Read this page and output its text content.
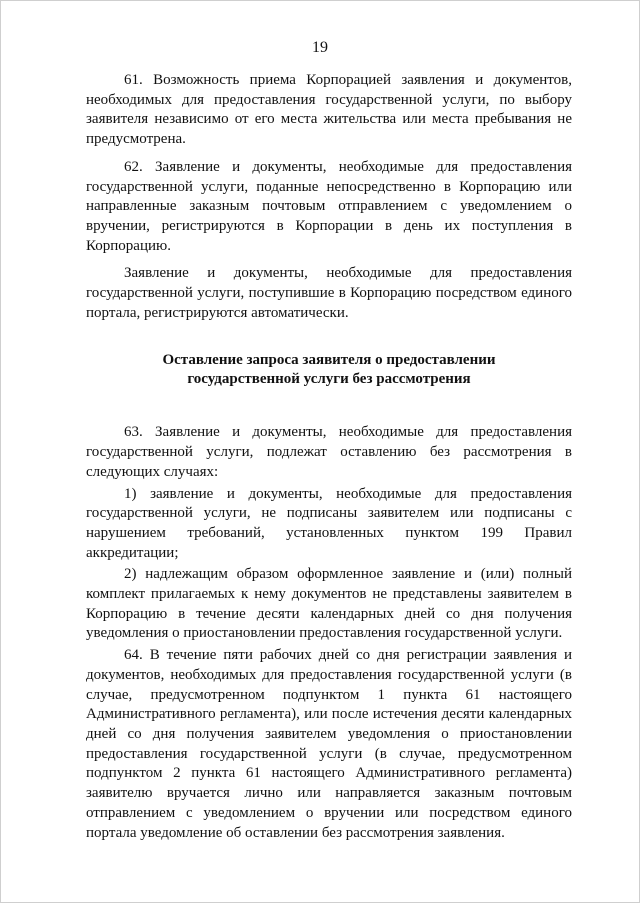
19

61. Возможность приема Корпорацией заявления и документов, необходимых для предоставления государственной услуги, по выбору заявителя независимо от его места жительства или места пребывания не предусмотрена.

62. Заявление и документы, необходимые для предоставления государственной услуги, поданные непосредственно в Корпорацию или направленные заказным почтовым отправлением с уведомлением о вручении, регистрируются в Корпорации в день их поступления в Корпорацию.

Заявление и документы, необходимые для предоставления государственной услуги, поступившие в Корпорацию посредством единого портала, регистрируются автоматически.

Оставление запроса заявителя о предоставлении
государственной услуги без рассмотрения

63. Заявление и документы, необходимые для предоставления государственной услуги, подлежат оставлению без рассмотрения в следующих случаях:

1) заявление и документы, необходимые для предоставления государственной услуги, не подписаны заявителем или подписаны с нарушением требований, установленных пунктом 199 Правил аккредитации;

2) надлежащим образом оформленное заявление и (или) полный комплект прилагаемых к нему документов не представлены заявителем в Корпорацию в течение десяти календарных дней со дня получения уведомления о приостановлении предоставления государственной услуги.

64. В течение пяти рабочих дней со дня регистрации заявления и документов, необходимых для предоставления государственной услуги (в случае, предусмотренном подпунктом 1 пункта 61 настоящего Административного регламента), или после истечения десяти календарных дней со дня получения заявителем уведомления о приостановлении предоставления государственной услуги (в случае, предусмотренном подпунктом 2 пункта 61 настоящего Административного регламента) заявителю вручается лично или направляется заказным почтовым отправлением с уведомлением о вручении или посредством единого портала уведомление об оставлении без рассмотрения заявления.
